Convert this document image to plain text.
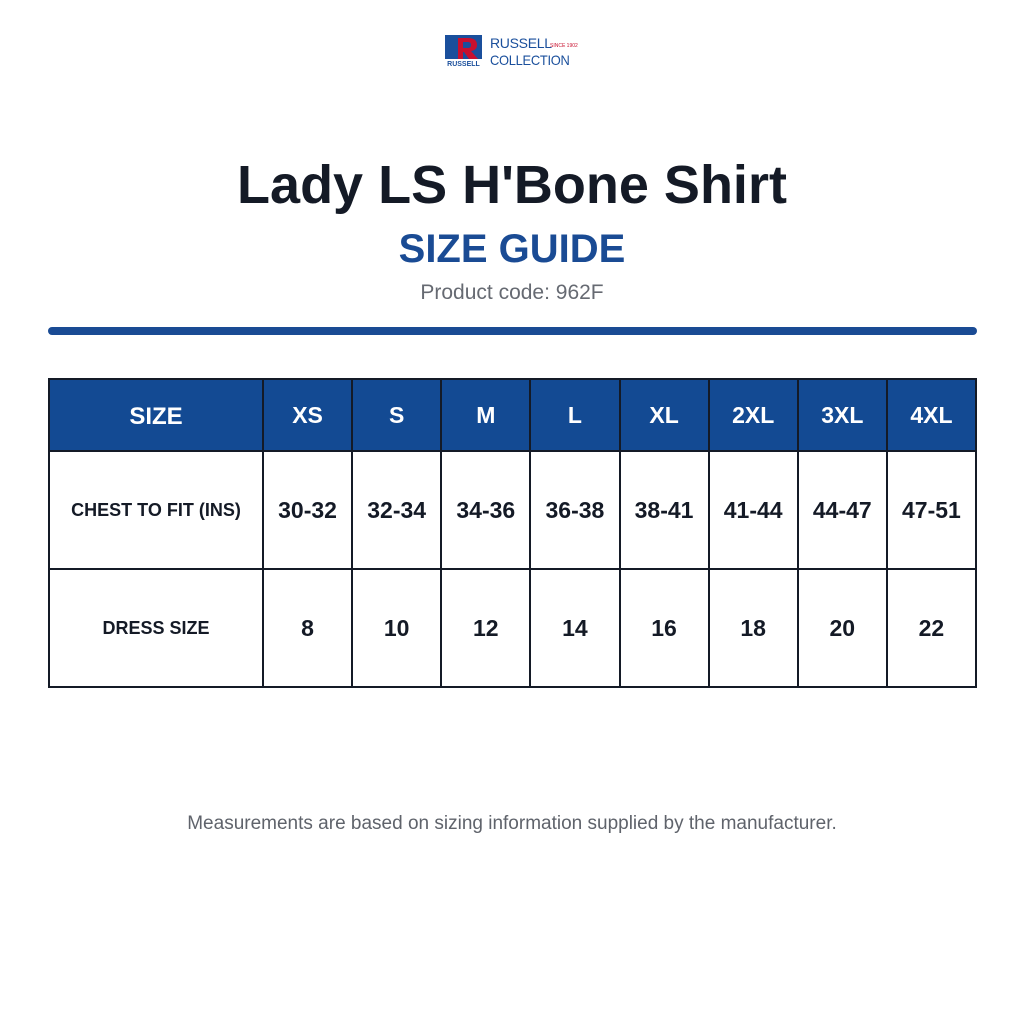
RUSSELL
RUSSELL
SINCE 1902
COLLECTION
Lady LS H'Bone Shirt
SIZE GUIDE
Product code: 962F
SIZE	XS	S	M	L	XL	2XL	3XL	4XL
CHEST TO FIT (INS)	30-32	32-34	34-36	36-38	38-41	41-44	44-47	47-51
DRESS SIZE	8	10	12	14	16	18	20	22
Measurements are based on sizing information supplied by the manufacturer.
